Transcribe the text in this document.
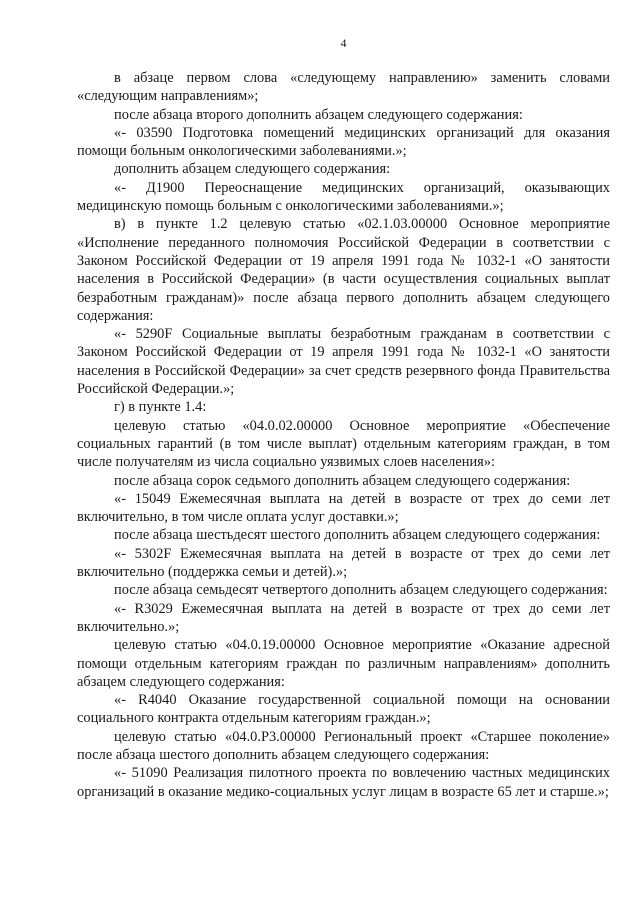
4

в абзаце первом слова «следующему направлению» заменить словами «следующим направлениям»;

после абзаца второго дополнить абзацем следующего содержания:

«- 03590 Подготовка помещений медицинских организаций для оказания помощи больным онкологическими заболеваниями.»;

дополнить абзацем следующего содержания:

«- Д1900 Переоснащение медицинских организаций, оказывающих медицинскую помощь больным с онкологическими заболеваниями.»;

в) в пункте 1.2 целевую статью «02.1.03.00000 Основное мероприятие «Исполнение переданного полномочия Российской Федерации в соответствии с Законом Российской Федерации от 19 апреля 1991 года № 1032-1 «О занятости населения в Российской Федерации» (в части осуществления социальных выплат безработным гражданам)» после абзаца первого дополнить абзацем следующего содержания:

«- 5290F Социальные выплаты безработным гражданам в соответствии с Законом Российской Федерации от 19 апреля 1991 года № 1032-1 «О занятости населения в Российской Федерации» за счет средств резервного фонда Правительства Российской Федерации.»;

г) в пункте 1.4:

целевую статью «04.0.02.00000 Основное мероприятие «Обеспечение социальных гарантий (в том числе выплат) отдельным категориям граждан, в том числе получателям из числа социально уязвимых слоев населения»:

после абзаца сорок седьмого дополнить абзацем следующего содержания:

«- 15049 Ежемесячная выплата на детей в возрасте от трех до семи лет включительно, в том числе оплата услуг доставки.»;

после абзаца шестьдесят шестого дополнить абзацем следующего содержания:

«- 5302F Ежемесячная выплата на детей в возрасте от трех до семи лет включительно (поддержка семьи и детей).»;

после абзаца семьдесят четвертого дополнить абзацем следующего содержания:

«- R3029 Ежемесячная выплата на детей в возрасте от трех до семи лет включительно.»;

целевую статью «04.0.19.00000 Основное мероприятие «Оказание адресной помощи отдельным категориям граждан по различным направлениям» дополнить абзацем следующего содержания:

«- R4040 Оказание государственной социальной помощи на основании социального контракта отдельным категориям граждан.»;

целевую статью «04.0.Р3.00000 Региональный проект «Старшее поколение» после абзаца шестого дополнить абзацем следующего содержания:

«- 51090 Реализация пилотного проекта по вовлечению частных медицинских организаций в оказание медико-социальных услуг лицам в возрасте 65 лет и старше.»;
